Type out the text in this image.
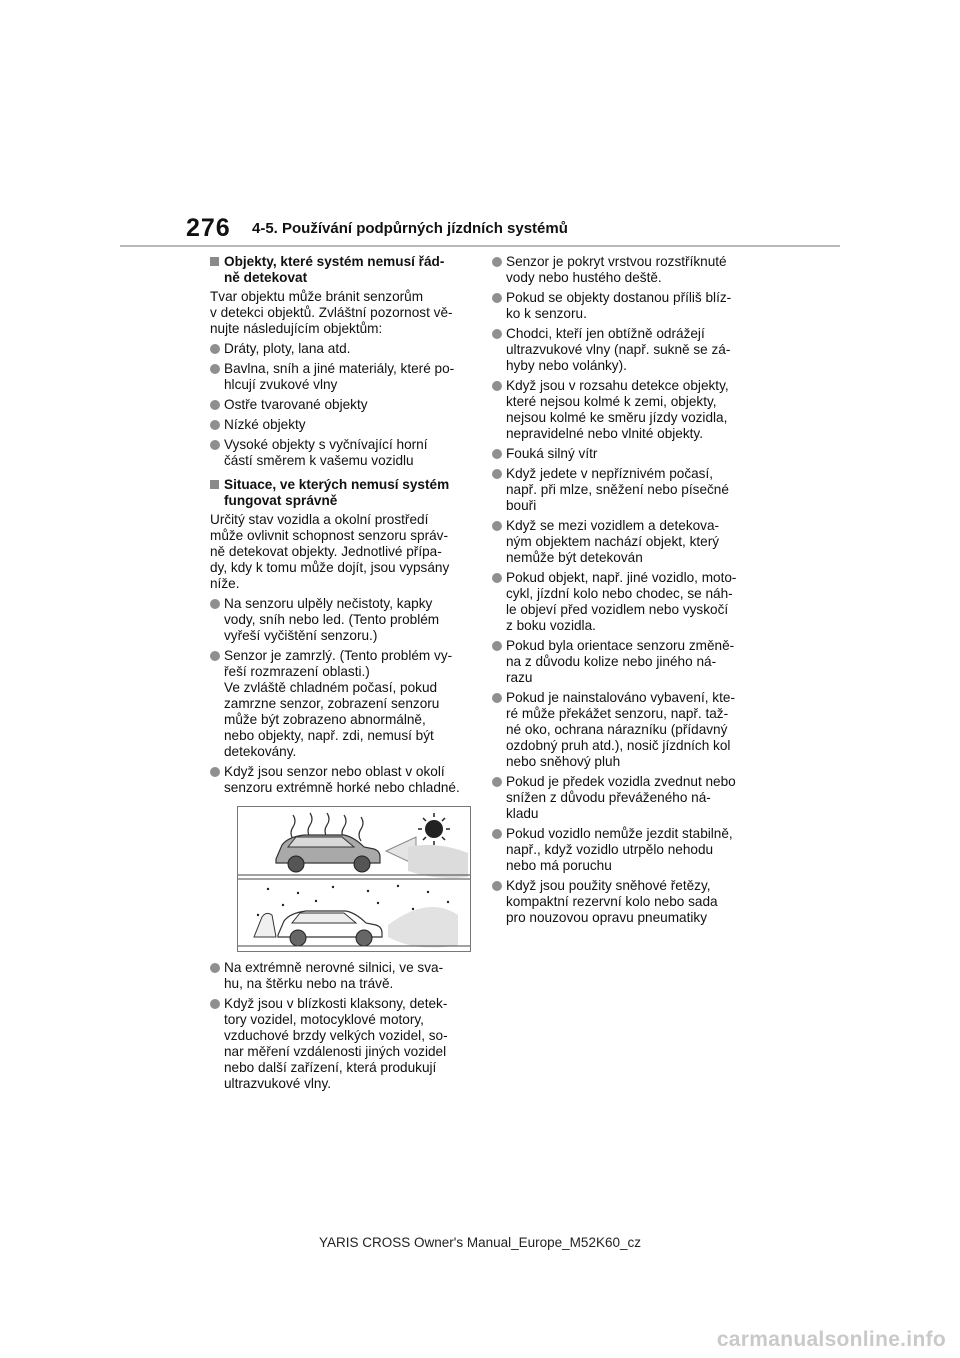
276 4-5. Používání podpůrných jízdních systémů
Objekty, které systém nemusí řád-
ně detekovat
Tvar objektu může bránit senzorům
v detekci objektů. Zvláštní pozornost vě-
nujte následujícím objektům:
Dráty, ploty, lana atd.
Bavlna, sníh a jiné materiály, které po-
hlcují zvukové vlny
Ostře tvarované objekty
Nízké objekty
Vysoké objekty s vyčnívající horní
částí směrem k vašemu vozidlu
Situace, ve kterých nemusí systém
fungovat správně
Určitý stav vozidla a okolní prostředí
může ovlivnit schopnost senzoru správ-
ně detekovat objekty. Jednotlivé přípa-
dy, kdy k tomu může dojít, jsou vypsány
níže.
Na senzoru ulpěly nečistoty, kapky
vody, sníh nebo led. (Tento problém
vyřeší vyčištění senzoru.)
Senzor je zamrzlý. (Tento problém vy-
řeší rozmrazení oblasti.)
Ve zvláště chladném počasí, pokud
zamrzne senzor, zobrazení senzoru
může být zobrazeno abnormálně,
nebo objekty, např. zdi, nemusí být
detekovány.
Když jsou senzor nebo oblast v okolí
senzoru extrémně horké nebo chladné.
Na extrémně nerovné silnici, ve sva-
hu, na štěrku nebo na trávě.
Když jsou v blízkosti klaksony, detek-
tory vozidel, motocyklové motory,
vzduchové brzdy velkých vozidel, so-
nar měření vzdálenosti jiných vozidel
nebo další zařízení, která produkují
ultrazvukové vlny.
Senzor je pokryt vrstvou rozstříknuté
vody nebo hustého deště.
Pokud se objekty dostanou příliš blíz-
ko k senzoru.
Chodci, kteří jen obtížně odrážejí
ultrazvukové vlny (např. sukně se zá-
hyby nebo volánky).
Když jsou v rozsahu detekce objekty,
které nejsou kolmé k zemi, objekty,
nejsou kolmé ke směru jízdy vozidla,
nepravidelné nebo vlnité objekty.
Fouká silný vítr
Když jedete v nepříznivém počasí,
např. při mlze, sněžení nebo písečné
bouři
Když se mezi vozidlem a detekova-
ným objektem nachází objekt, který
nemůže být detekován
Pokud objekt, např. jiné vozidlo, moto-
cykl, jízdní kolo nebo chodec, se náh-
le objeví před vozidlem nebo vyskočí
z boku vozidla.
Pokud byla orientace senzoru změně-
na z důvodu kolize nebo jiného ná-
razu
Pokud je nainstalováno vybavení, kte-
ré může překážet senzoru, např. taž-
né oko, ochrana nárazníku (přídavný
ozdobný pruh atd.), nosič jízdních kol
nebo sněhový pluh
Pokud je předek vozidla zvednut nebo
snížen z důvodu převáženého ná-
kladu
Pokud vozidlo nemůže jezdit stabilně,
např., když vozidlo utrpělo nehodu
nebo má poruchu
Když jsou použity sněhové řetězy,
kompaktní rezervní kolo nebo sada
pro nouzovou opravu pneumatiky
YARIS CROSS Owner's Manual_Europe_M52K60_cz
carmanualsonline.info
